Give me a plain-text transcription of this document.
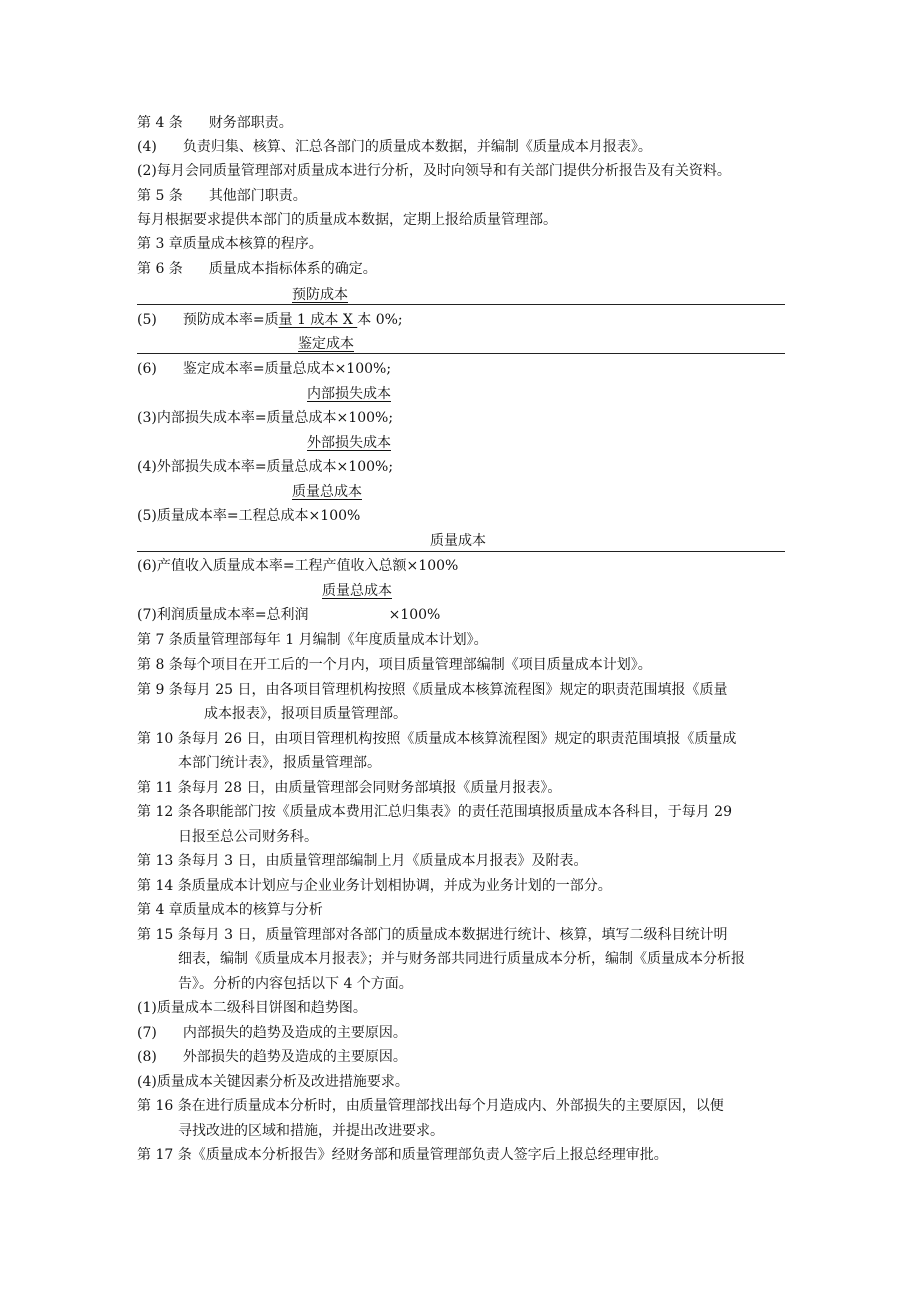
第 4 条 财务部职责。
(4) 负责归集、核算、汇总各部门的质量成本数据，并编制《质量成本月报表》。
(2)每月会同质量管理部对质量成本进行分析，及时向领导和有关部门提供分析报告及有关资料。
第 5 条 其他部门职责。
每月根据要求提供本部门的质量成本数据，定期上报给质量管理部。
第 3 章质量成本核算的程序。
第 6 条 质量成本指标体系的确定。
预防成本
(5) 预防成本率=质量 1 成本 X 本 0%;
鉴定成本
(6) 鉴定成本率=质量总成本×100%;
内部损失成本
(3)内部损失成本率=质量总成本×100%;
外部损失成本
(4)外部损失成本率=质量总成本×100%;
质量总成本
(5)质量成本率=工程总成本×100%
质量成本
(6)产值收入质量成本率=工程产值收入总额×100%
质量总成本
(7)利润质量成本率=总利润	×100%
第 7 条质量管理部每年 1 月编制《年度质量成本计划》。
第 8 条每个项目在开工后的一个月内，项目质量管理部编制《项目质量成本计划》。
第 9 条每月 25 日，由各项目管理机构按照《质量成本核算流程图》规定的职责范围填报《质量
成本报表》，报项目质量管理部。
第 10 条每月 26 日，由项目管理机构按照《质量成本核算流程图》规定的职责范围填报《质量成
本部门统计表》，报质量管理部。
第 11 条每月 28 日，由质量管理部会同财务部填报《质量月报表》。
第 12 条各职能部门按《质量成本费用汇总归集表》的责任范围填报质量成本各科目，于每月 29
日报至总公司财务科。
第 13 条每月 3 日，由质量管理部编制上月《质量成本月报表》及附表。
第 14 条质量成本计划应与企业业务计划相协调，并成为业务计划的一部分。
第 4 章质量成本的核算与分析
第 15 条每月 3 日，质量管理部对各部门的质量成本数据进行统计、核算，填写二级科目统计明
细表，编制《质量成本月报表》；并与财务部共同进行质量成本分析，编制《质量成本分析报
告》。分析的内容包括以下 4 个方面。
(1)质量成本二级科目饼图和趋势图。
(7) 内部损失的趋势及造成的主要原因。
(8) 外部损失的趋势及造成的主要原因。
(4)质量成本关键因素分析及改进措施要求。
第 16 条在进行质量成本分析时，由质量管理部找出每个月造成内、外部损失的主要原因，以便
寻找改进的区域和措施，并提出改进要求。
第 17 条《质量成本分析报告》经财务部和质量管理部负责人签字后上报总经理审批。
